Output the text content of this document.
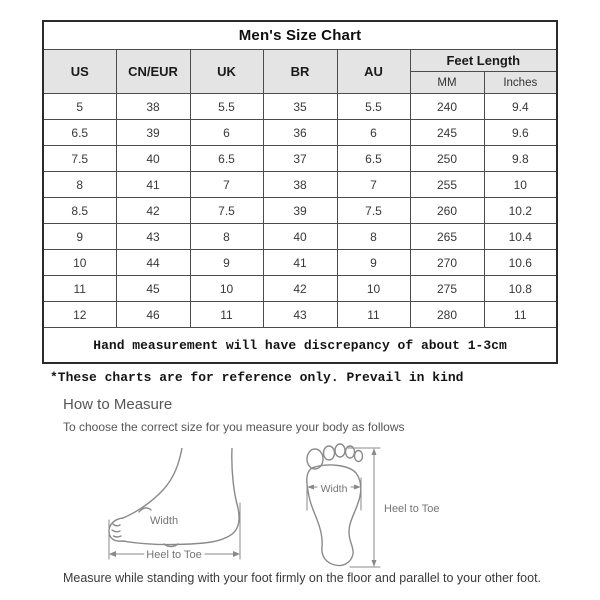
Men's Size Chart						
US	CN/EUR	UK	BR	AU	Feet Length	
					MM	Inches
5	38	5.5	35	5.5	240	9.4
6.5	39	6	36	6	245	9.6
7.5	40	6.5	37	6.5	250	9.8
8	41	7	38	7	255	10
8.5	42	7.5	39	7.5	260	10.2
9	43	8	40	8	265	10.4
10	44	9	41	9	270	10.6
11	45	10	42	10	275	10.8
12	46	11	43	11	280	11
Hand measurement will have discrepancy of about 1-3cm						
*These charts are for reference only. Prevail in kind
How to Measure
To choose the correct size for you measure your body as follows
Width
Heel to Toe
Width
Heel to Toe
Measure while standing with your foot firmly on the floor and parallel to your other foot.
